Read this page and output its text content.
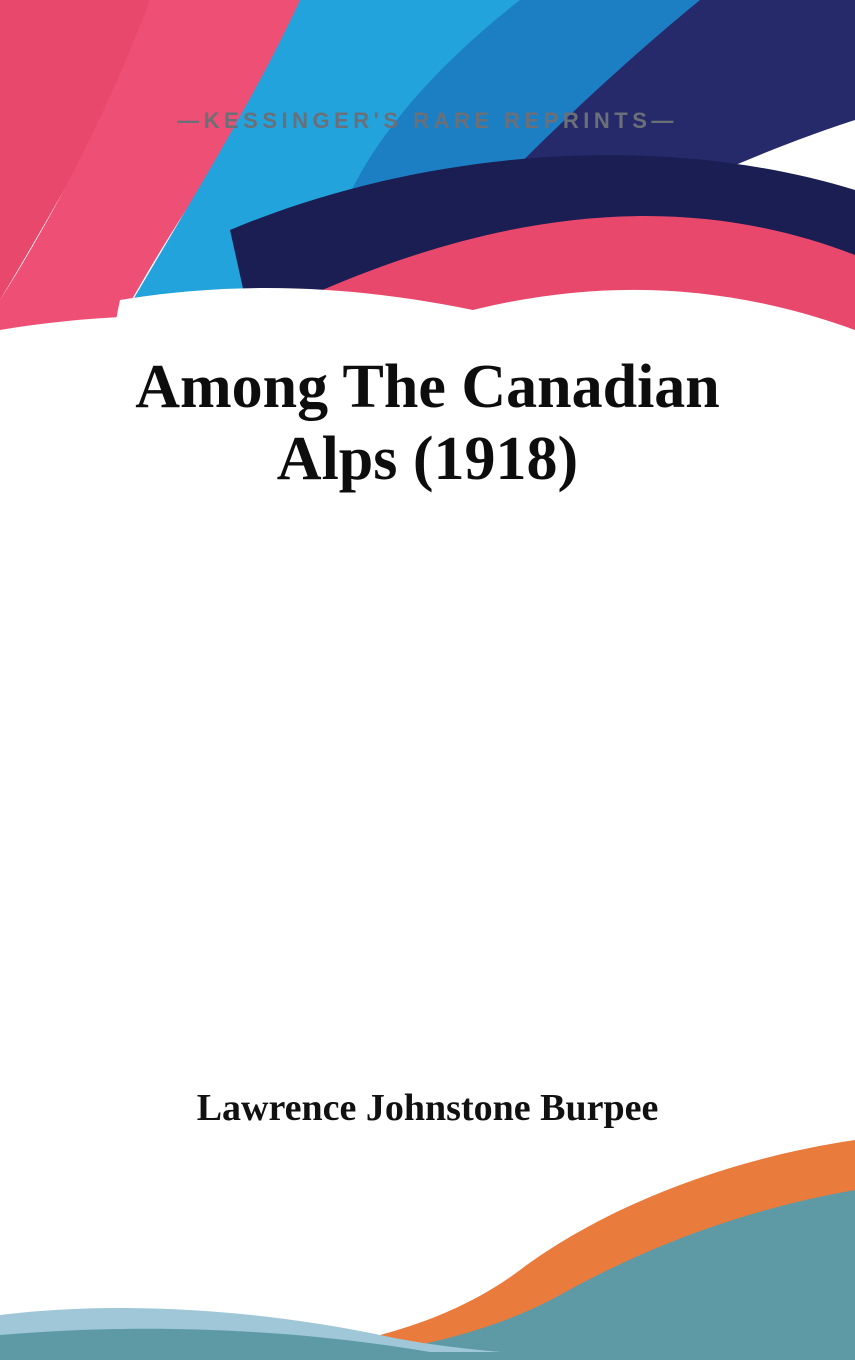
—KESSINGER'S RARE REPRINTS—
Among The Canadian Alps (1918)
Lawrence Johnstone Burpee
